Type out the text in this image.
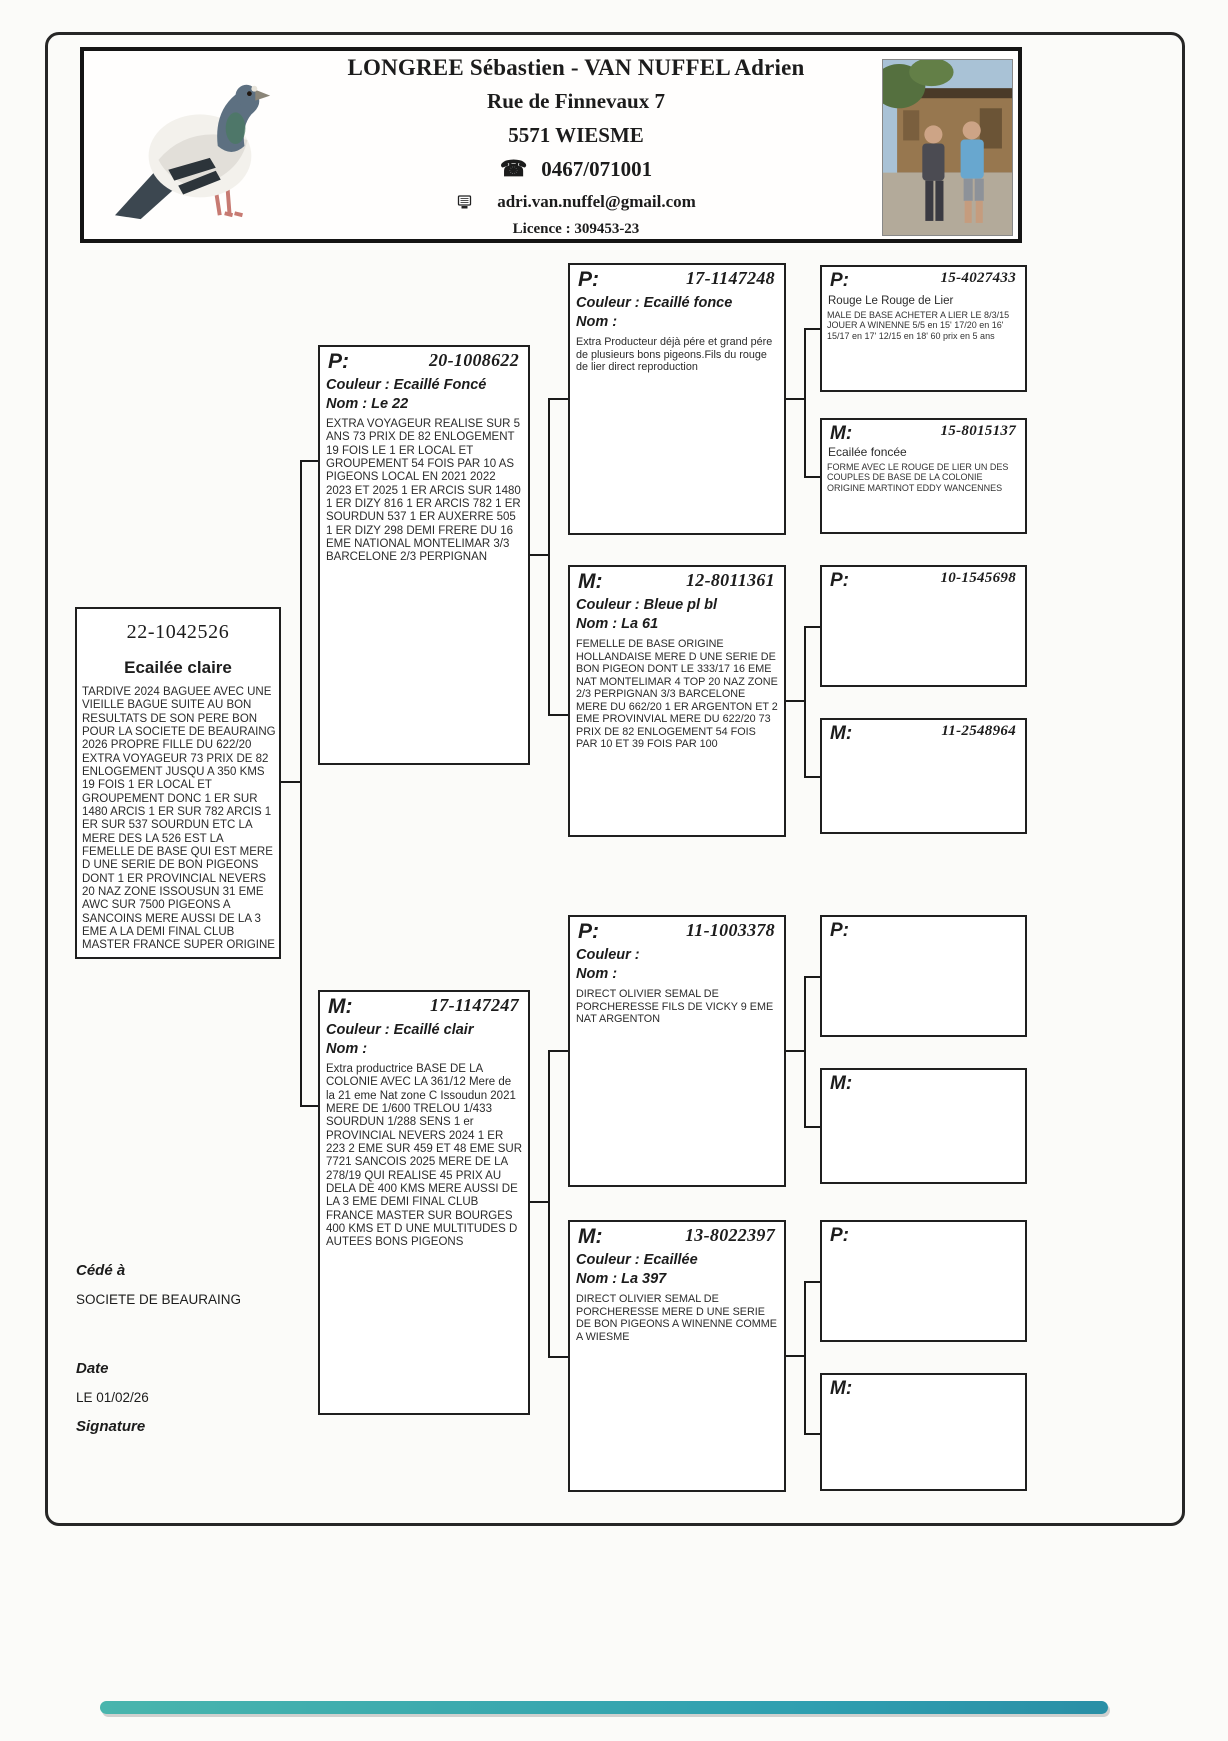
LONGREE Sébastien - VAN NUFFEL Adrien
Rue de Finnevaux 7
5571 WIESME
☎ 0467/071001
adri.van.nuffel@gmail.com
Licence : 309453-23
22-1042526
Ecailée claire
TARDIVE 2024 BAGUEE AVEC UNE VIEILLE BAGUE SUITE AU BON RESULTATS DE SON PERE BON POUR LA SOCIETE DE BEAURAING 2026 PROPRE FILLE DU 622/20 EXTRA VOYAGEUR 73 PRIX DE 82 ENLOGEMENT JUSQU A 350 KMS 19 FOIS 1 ER LOCAL ET GROUPEMENT DONC 1 ER SUR 1480 ARCIS 1 ER SUR 782 ARCIS 1 ER SUR 537 SOURDUN ETC LA MERE DES LA 526 EST LA FEMELLE DE BASE QUI EST MERE D UNE SERIE DE BON PIGEONS DONT 1 ER PROVINCIAL NEVERS 20 NAZ ZONE ISSOUSUN 31 EME AWC SUR 7500 PIGEONS A SANCOINS MERE AUSSI DE LA 3 EME A LA DEMI FINAL CLUB MASTER FRANCE SUPER ORIGINE
P:	20-1008622
Couleur : Ecaillé Foncé
Nom : Le 22
EXTRA VOYAGEUR REALISE SUR 5 ANS 73 PRIX DE 82 ENLOGEMENT 19 FOIS LE 1 ER LOCAL ET GROUPEMENT 54 FOIS PAR 10 AS PIGEONS LOCAL EN 2021 2022 2023 ET 2025 1 ER ARCIS SUR 1480 1 ER DIZY 816 1 ER ARCIS 782 1 ER SOURDUN 537 1 ER AUXERRE 505 1 ER DIZY 298 DEMI FRERE DU 16 EME NATIONAL MONTELIMAR 3/3 BARCELONE 2/3 PERPIGNAN
M:	17-1147247
Couleur : Ecaillé clair
Nom :
Extra productrice BASE DE LA COLONIE AVEC LA 361/12 Mere de la 21 eme Nat zone C Issoudun 2021 MERE DE 1/600 TRELOU 1/433 SOURDUN 1/288 SENS 1 er PROVINCIAL NEVERS 2024 1 ER 223 2 EME SUR 459 ET 48 EME SUR 7721 SANCOIS 2025 MERE DE LA 278/19 QUI REALISE 45 PRIX AU DELA DE 400 KMS MERE AUSSI DE LA 3 EME DEMI FINAL CLUB FRANCE MASTER SUR BOURGES 400 KMS ET D UNE MULTITUDES D AUTEES BONS PIGEONS
P:	17-1147248
Couleur : Ecaillé fonce
Nom :
Extra Producteur déjà pére et grand pére de plusieurs bons pigeons.Fils du rouge de lier direct reproduction
M:	12-8011361
Couleur : Bleue pl bl
Nom : La 61
FEMELLE DE BASE ORIGINE HOLLANDAISE MERE D UNE SERIE DE BON PIGEON DONT LE 333/17 16 EME NAT MONTELIMAR 4 TOP 20 NAZ ZONE 2/3 PERPIGNAN 3/3 BARCELONE MERE DU 662/20 1 ER ARGENTON ET 2 EME PROVINVIAL MERE DU 622/20 73 PRIX DE 82 ENLOGEMENT 54 FOIS PAR 10 ET 39 FOIS PAR 100
P:	11-1003378
Couleur :
Nom :
DIRECT OLIVIER SEMAL DE PORCHERESSE FILS DE VICKY 9 EME NAT ARGENTON
M:	13-8022397
Couleur : Ecaillée
Nom : La 397
DIRECT OLIVIER SEMAL DE PORCHERESSE MERE D UNE SERIE DE BON PIGEONS A WINENNE COMME A WIESME
P:	15-4027433
Rouge Le Rouge de Lier
MALE DE BASE ACHETER A LIER LE 8/3/15 JOUER A WINENNE 5/5 en 15' 17/20 en 16' 15/17 en 17' 12/15 en 18' 60 prix en 5 ans
M:	15-8015137
Ecailée foncée
FORME AVEC LE ROUGE DE LIER UN DES COUPLES DE BASE DE LA COLONIE ORIGINE MARTINOT EDDY WANCENNES
P:	10-1545698
M:	11-2548964
P:
M:
P:
M:
Cédé à
SOCIETE DE BEAURAING
Date
LE 01/02/26
Signature
